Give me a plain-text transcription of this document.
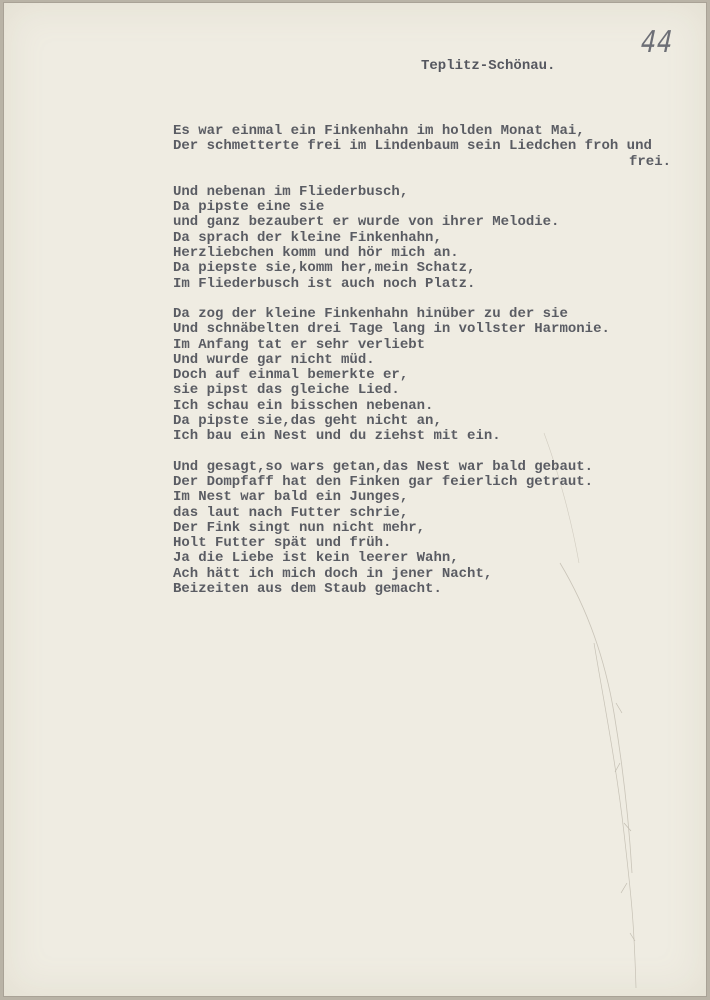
44
Teplitz-Schönau.
Es war einmal ein Finkenhahn im holden Monat Mai,
Der schmetterte frei im Lindenbaum sein Liedchen froh und
frei.
Und nebenan im Fliederbusch,
Da pipste eine sie
und ganz bezaubert er wurde von ihrer Melodie.
Da sprach der kleine Finkenhahn,
Herzliebchen komm und hör mich an.
Da piepste sie,komm her,mein Schatz,
Im Fliederbusch ist auch noch Platz.
Da zog der kleine Finkenhahn hinüber zu der sie
Und schnäbelten drei Tage lang in vollster Harmonie.
Im Anfang tat er sehr verliebt
Und wurde gar nicht müd.
Doch auf einmal bemerkte er,
sie pipst das gleiche Lied.
Ich schau ein bisschen nebenan.
Da pipste sie,das geht nicht an,
Ich bau ein Nest und du ziehst mit ein.
Und gesagt,so wars getan,das Nest war bald gebaut.
Der Dompfaff hat den Finken gar feierlich getraut.
Im Nest war bald ein Junges,
das laut nach Futter schrie,
Der Fink singt nun nicht mehr,
Holt Futter spät und früh.
Ja die Liebe ist kein leerer Wahn,
Ach hätt ich mich doch in jener Nacht,
Beizeiten aus dem Staub gemacht.
